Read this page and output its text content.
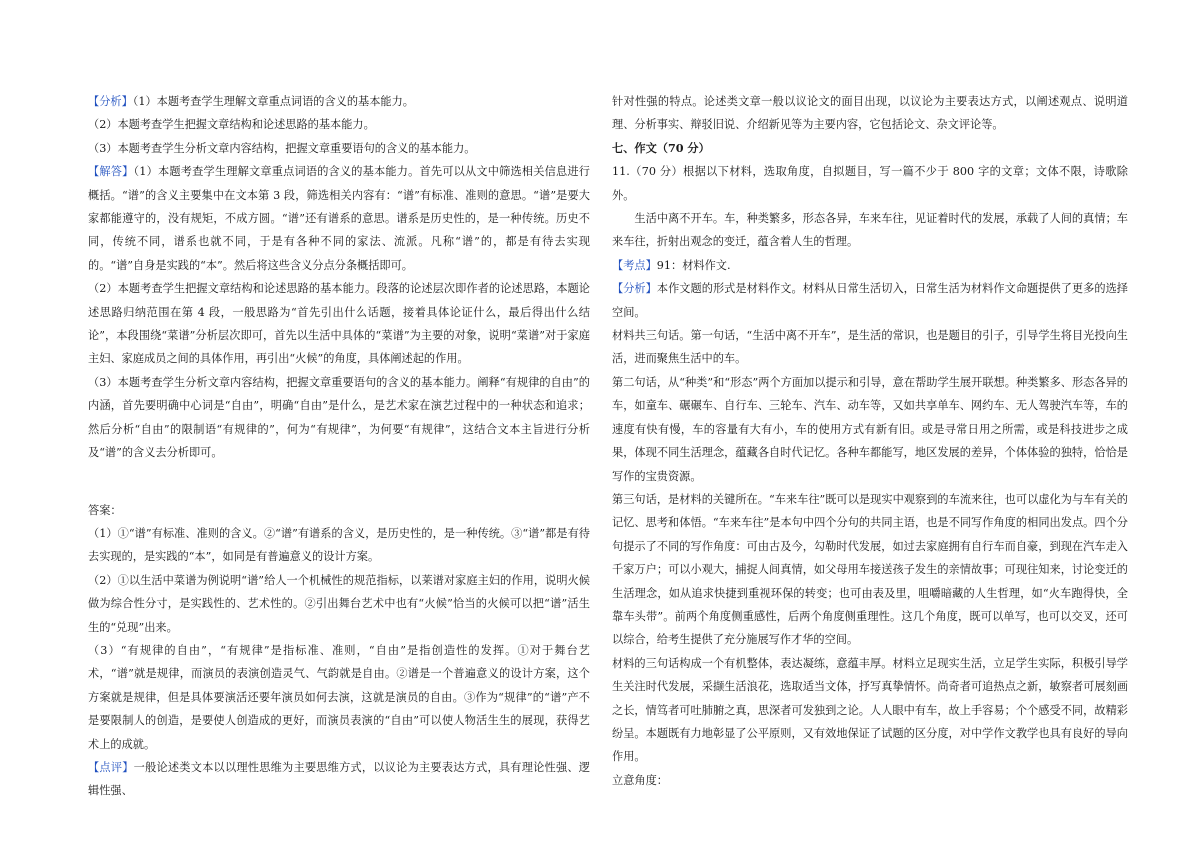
【分析】（1）本题考查学生理解文章重点词语的含义的基本能力。

（2）本题考查学生把握文章结构和论述思路的基本能力。

（3）本题考查学生分析文章内容结构，把握文章重要语句的含义的基本能力。

【解答】（1）本题考查学生理解文章重点词语的含义的基本能力。首先可以从文中筛选相关信息进行概括。“谱”的含义主要集中在文本第 3 段，筛选相关内容有：“谱”有标准、准则的意思。“谱”是要大家都能遵守的，没有规矩，不成方圆。“谱”还有谱系的意思。谱系是历史性的，是一种传统。历史不同，传统不同，谱系也就不同，于是有各种不同的家法、流派。凡称“谱”的，都是有待去实现的。“谱”自身是实践的“本”。然后将这些含义分点分条概括即可。

（2）本题考查学生把握文章结构和论述思路的基本能力。段落的论述层次即作者的论述思路，本题论述思路归纳范围在第 4 段，一般思路为“首先引出什么话题，接着具体论证什么，最后得出什么结论”，本段围绕“菜谱”分析层次即可，首先以生活中具体的“菜谱”为主要的对象，说明“菜谱”对于家庭主妇、家庭成员之间的具体作用，再引出“火候”的角度，具体阐述起的作用。

（3）本题考查学生分析文章内容结构，把握文章重要语句的含义的基本能力。阐释“有规律的自由”的内涵，首先要明确中心词是“自由”，明确“自由”是什么，是艺术家在演艺过程中的一种状态和追求；然后分析“自由”的限制语“有规律的”，何为“有规律”，为何要“有规律”，这结合文本主旨进行分析及“谱”的含义去分析即可。

答案：

（1）①“谱”有标准、准则的含义。②“谱”有谱系的含义，是历史性的，是一种传统。③“谱”都是有待去实现的，是实践的“本”，如同是有普遍意义的设计方案。

（2）①以生活中菜谱为例说明“谱”给人一个机械性的规范指标，以莱谱对家庭主妇的作用，说明火候做为综合性分寸，是实践性的、艺术性的。②引出舞台艺术中也有“火候”恰当的火候可以把“谱”活生生的“兑现”出来。

（3）“有规律的自由”，“有规律”是指标准、准则，“自由”是指创造性的发挥。①对于舞台艺术，“谱”就是规律，而演员的表演创造灵气、气韵就是自由。②谱是一个普遍意义的设计方案，这个方案就是规律，但是具体要演活还要年演员如何去演，这就是演员的自由。③作为“规律”的“谱”产不是要限制人的创造，是要使人创造成的更好，而演员表演的“自由”可以使人物活生生的展现，获得艺术上的成就。

【点评】一般论述类文本以以理性思维为主要思维方式，以议论为主要表达方式，具有理论性强、逻辑性强、

针对性强的特点。论述类文章一般以议论文的面目出现，以议论为主要表达方式，以阐述观点、说明道理、分析事实、辩驳旧说、介绍新见等为主要内容，它包括论文、杂文评论等。

七、作文（70 分）

11.（70 分）根据以下材料，选取角度，自拟题目，写一篇不少于 800 字的文章；文体不限，诗歌除外。

生活中离不开车。车，种类繁多，形态各异，车来车往，见证着时代的发展，承载了人间的真情；车来车往，折射出观念的变迁，蕴含着人生的哲理。

【考点】91：材料作文.

【分析】本作文题的形式是材料作文。材料从日常生活切入，日常生活为材料作文命题提供了更多的选择空间。

材料共三句话。第一句话，“生活中离不开车”，是生活的常识，也是题目的引子，引导学生将目光投向生活，进而聚焦生活中的车。

第二句话，从“种类”和“形态”两个方面加以提示和引导，意在帮助学生展开联想。种类繁多、形态各异的车，如童车、碾碾车、自行车、三轮车、汽车、动车等，又如共享单车、网约车、无人驾驶汽车等，车的速度有快有慢，车的容量有大有小，车的使用方式有新有旧。或是寻常日用之所需，或是科技进步之成果，体现不同生活理念，蕴藏各自时代记忆。各种车都能写，地区发展的差异，个体体验的独特，恰恰是写作的宝贵资源。

第三句话，是材料的关键所在。“车来车往”既可以是现实中观察到的车流来往，也可以虚化为与车有关的记忆、思考和体悟。“车来车往”是本句中四个分句的共同主语，也是不同写作角度的相同出发点。四个分句提示了不同的写作角度：可由古及今，勾勒时代发展，如过去家庭拥有自行车而自豪，到现在汽车走入千家万户；可以小观大，捕捉人间真情，如父母用车接送孩子发生的亲情故事；可现往知来，讨论变迁的生活理念，如从追求快捷到重视环保的转变；也可由表及里，咀嚼暗藏的人生哲理，如“火车跑得快，全靠车头带”。前两个角度侧重感性，后两个角度侧重理性。这几个角度，既可以单写，也可以交叉，还可以综合，给考生提供了充分施展写作才华的空间。

材料的三句话构成一个有机整体，表达凝练，意蕴丰厚。材料立足现实生活，立足学生实际，积极引导学生关注时代发展，采撷生活浪花，选取适当文体，抒写真挚情怀。尚奇者可追热点之新，敏察者可展刻画之长，情笃者可吐肺腑之真，思深者可发独到之论。人人眼中有车，故上手容易；个个感受不同，故精彩纷呈。本题既有力地彰显了公平原则，又有效地保证了试题的区分度，对中学作文教学也具有良好的导向作用。

立意角度：
